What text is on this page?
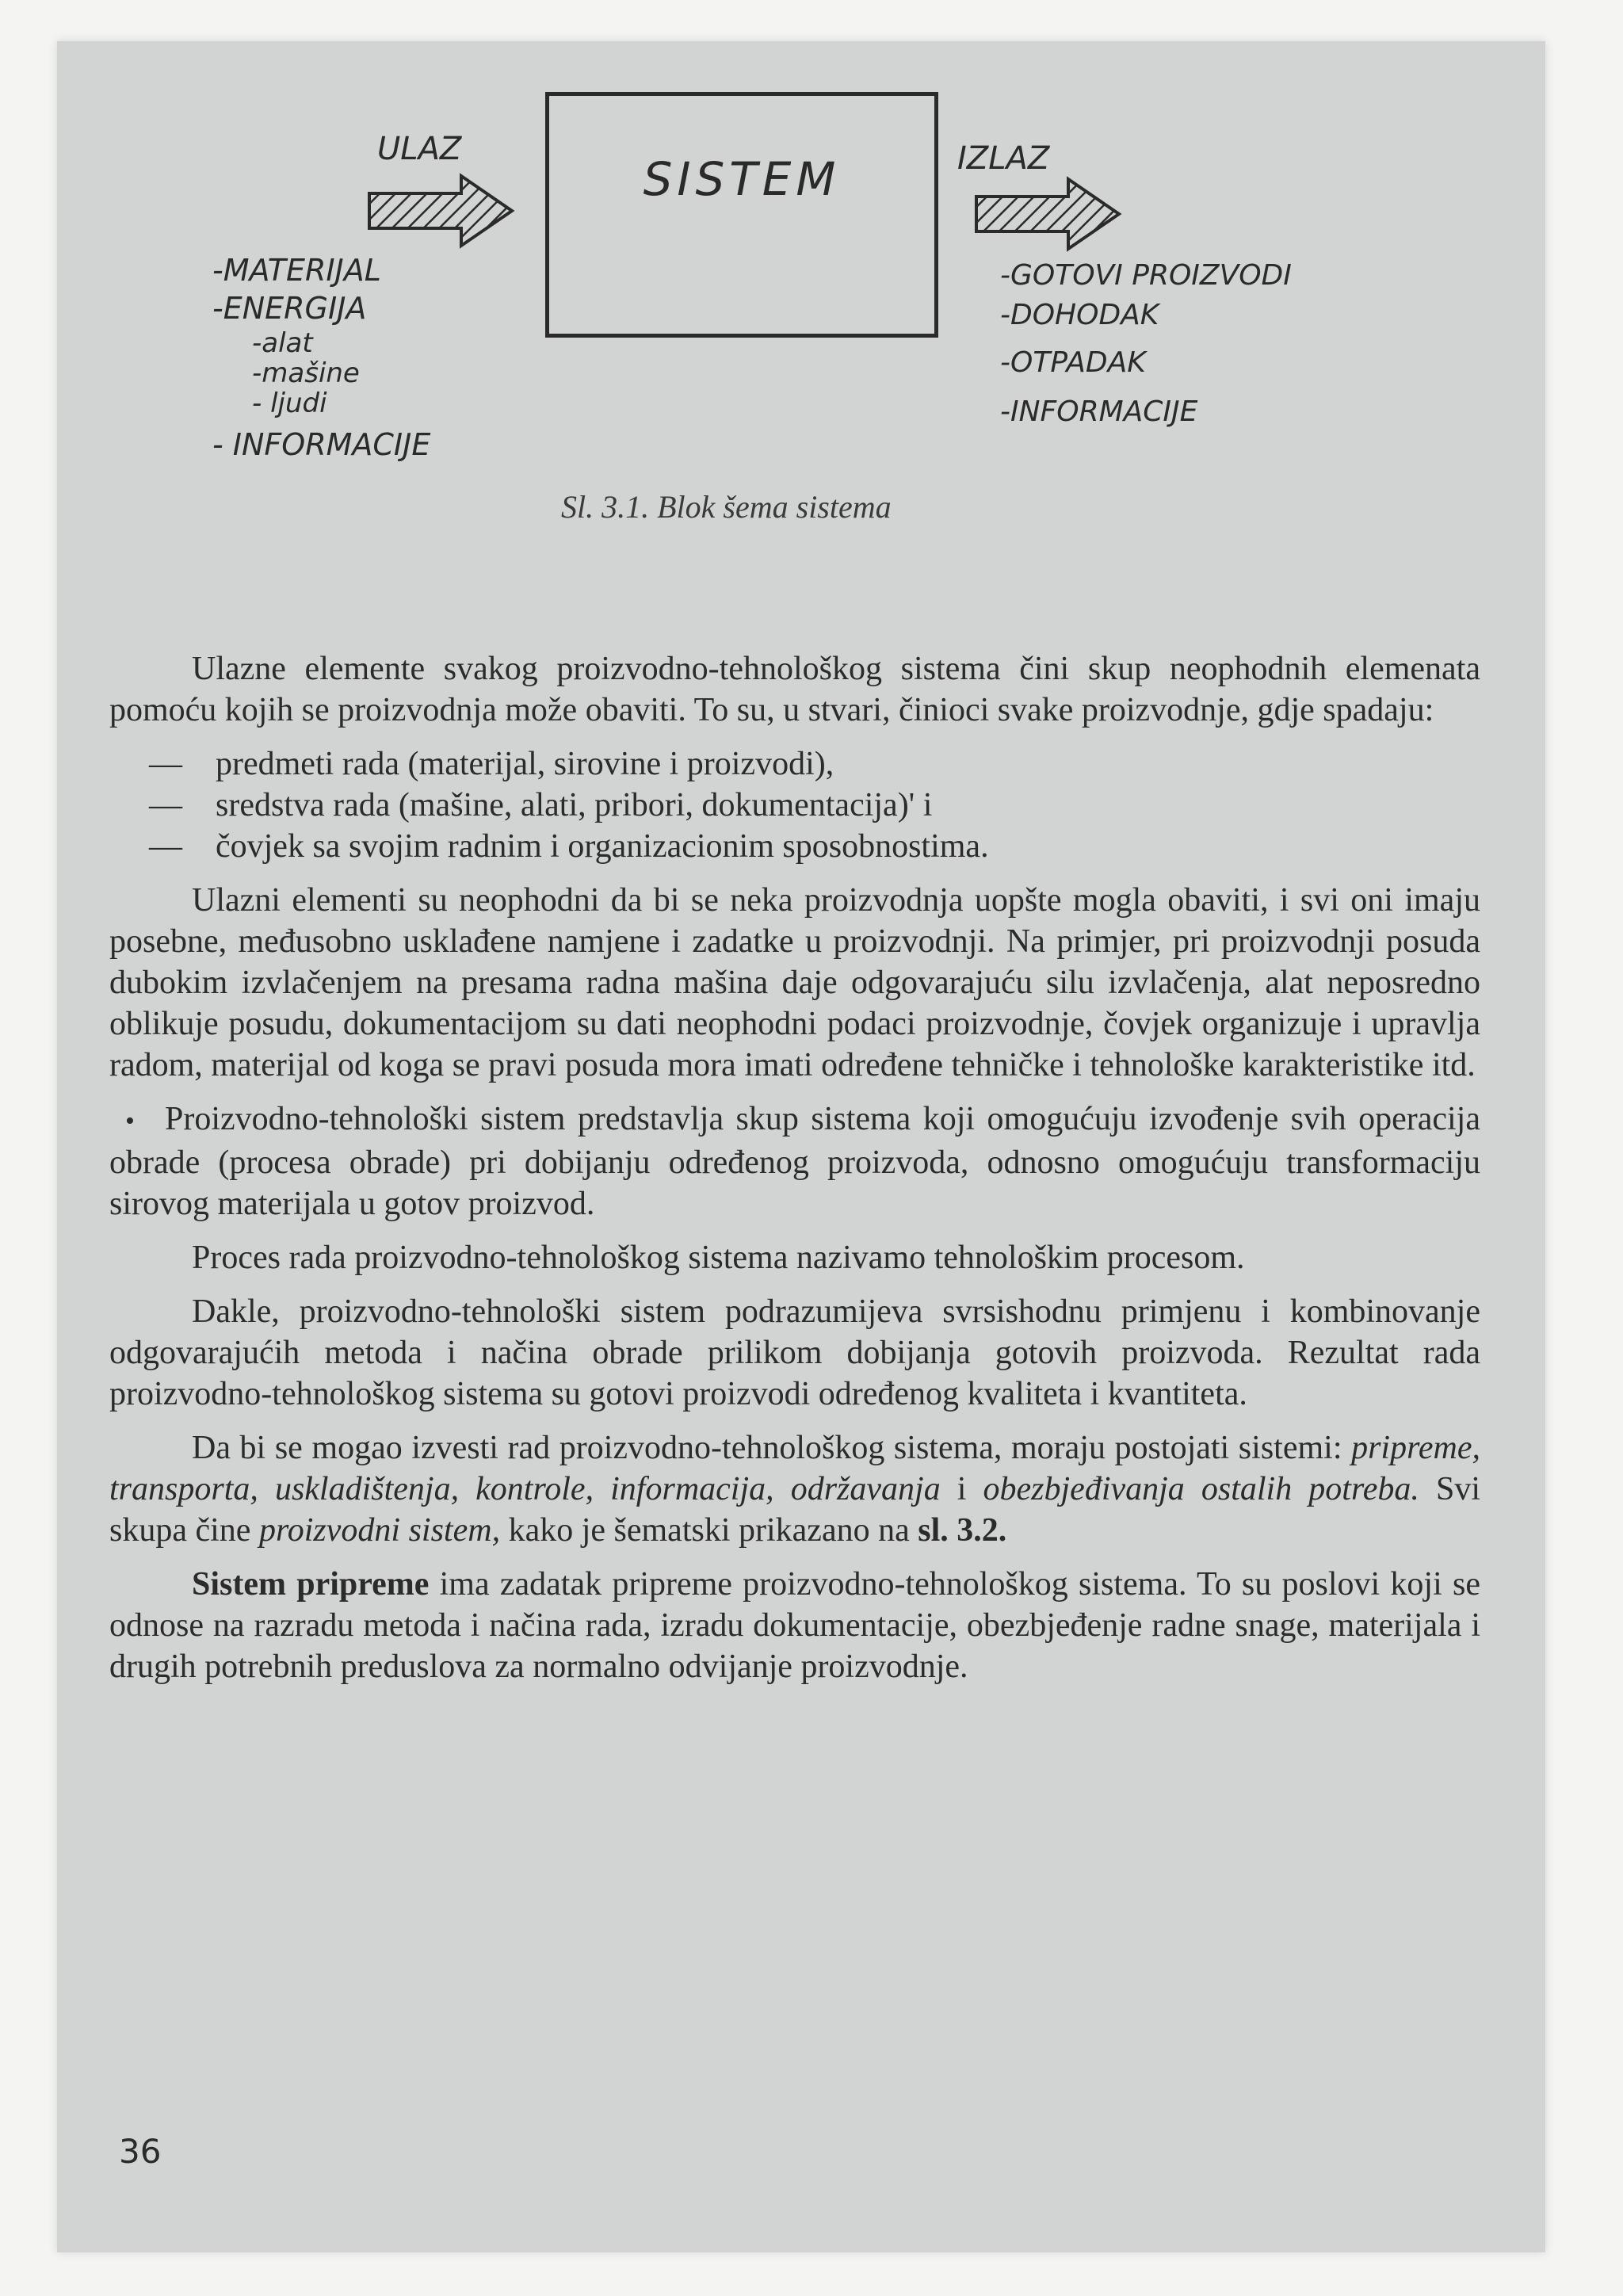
ULAZ
SISTEM	IZLAZ
-MATERIJAL
-ENERGIJA
-alat
-mašine
- ljudi
- INFORMACIJE
-GOTOVI PROIZVODI
-DOHODAK
-OTPADAK
-INFORMACIJE
Sl. 3.1. Blok šema sistema

Ulazne elemente svakog proizvodno-tehnološkog sistema čini skup neophodnih elemenata pomoću kojih se proizvodnja može obaviti. To su, u stvari, činioci svake proizvodnje, gdje spadaju:

— predmeti rada (materijal, sirovine i proizvodi),
— sredstva rada (mašine, alati, pribori, dokumentacija)' i
— čovjek sa svojim radnim i organizacionim sposobnostima.

Ulazni elementi su neophodni da bi se neka proizvodnja uopšte mogla obaviti, i svi oni imaju posebne, međusobno usklađene namjene i zadatke u proizvodnji. Na primjer, pri proizvodnji posuda dubokim izvlačenjem na presama radna mašina daje odgovarajuću silu izvlačenja, alat neposredno oblikuje posudu, dokumentacijom su dati neophodni podaci proizvodnje, čovjek organizuje i upravlja radom, materijal od koga se pravi posuda mora imati određene tehničke i tehnološke karakteristike itd.

• Proizvodno-tehnološki sistem predstavlja skup sistema koji omogućuju izvođenje svih operacija obrade (procesa obrade) pri dobijanju određenog proizvoda, odnosno omogućuju transformaciju sirovog materijala u gotov proizvod.

Proces rada proizvodno-tehnološkog sistema nazivamo tehnološkim procesom.

Dakle, proizvodno-tehnološki sistem podrazumijeva svrsishodnu primjenu i kombinovanje odgovarajućih metoda i načina obrade prilikom dobijanja gotovih proizvoda. Rezultat rada proizvodno-tehnološkog sistema su gotovi proizvodi određenog kvaliteta i kvantiteta.

Da bi se mogao izvesti rad proizvodno-tehnološkog sistema, moraju postojati sistemi: pripreme, transporta, uskladištenja, kontrole, informacija, održavanja i obezbjeđivanja ostalih potreba. Svi skupa čine proizvodni sistem, kako je šematski prikazano na sl. 3.2.

Sistem pripreme ima zadatak pripreme proizvodno-tehnološkog sistema. To su poslovi koji se odnose na razradu metoda i načina rada, izradu dokumentacije, obezbjeđenje radne snage, materijala i drugih potrebnih preduslova za normalno odvijanje proizvodnje.

36
